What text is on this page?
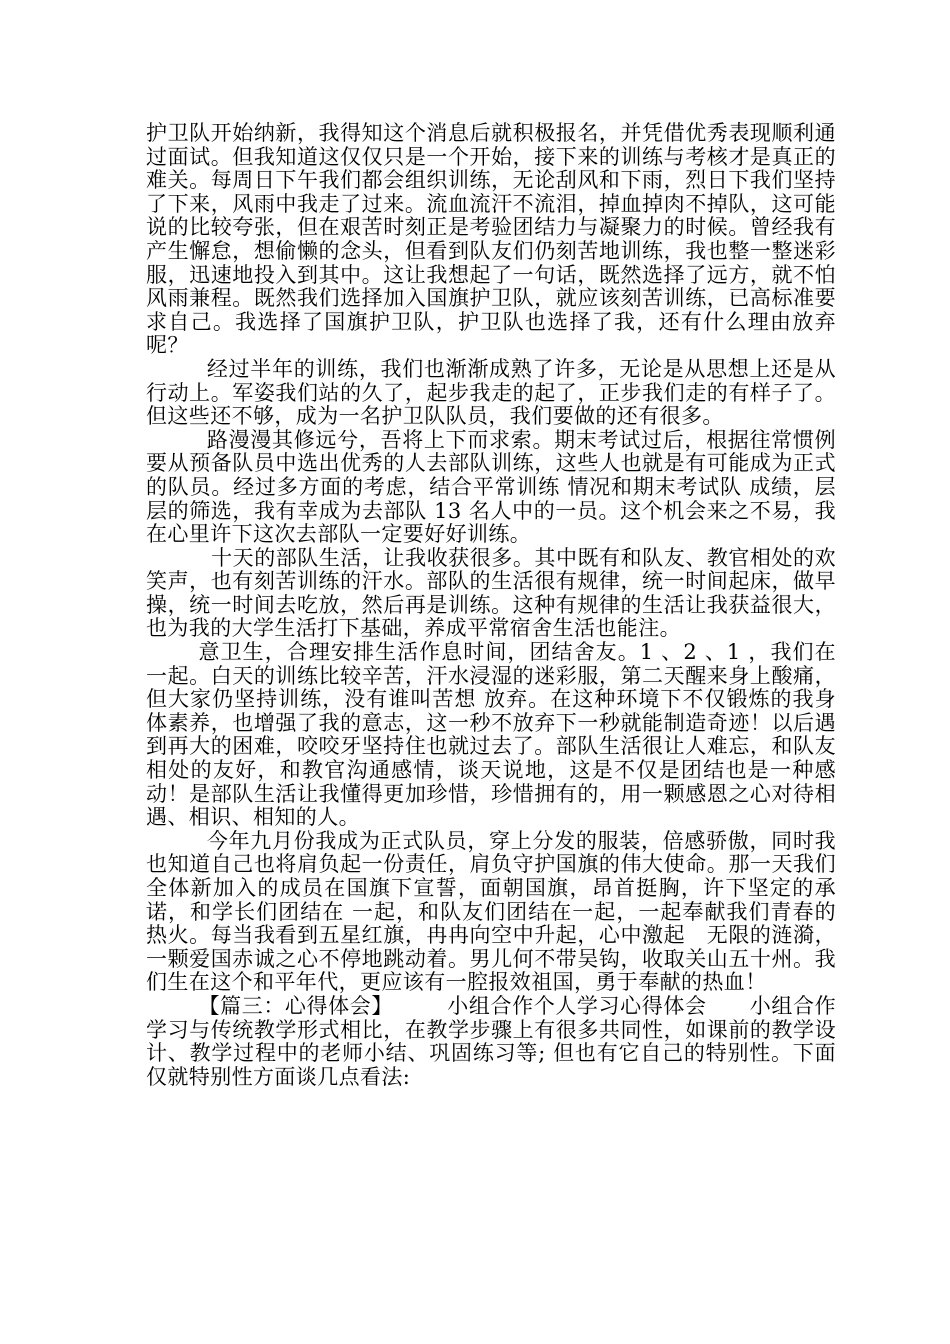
护卫队开始纳新，我得知这个消息后就积极报名，并凭借优秀表现顺利通过面试。但我知道这仅仅只是一个开始，接下来的训练与考核才是真正的难关。每周日下午我们都会组织训练，无论刮风和下雨，烈日下我们坚持了下来，风雨中我走了过来。流血流汗不流泪，掉血掉肉不掉队，这可能说的比较夸张，但在艰苦时刻正是考验团结力与凝聚力的时候。曾经我有产生懈怠，想偷懒的念头，但看到队友们仍刻苦地训练，我也整一整迷彩服，迅速地投入到其中。这让我想起了一句话，既然选择了远方，就不怕风雨兼程。既然我们选择加入国旗护卫队，就应该刻苦训练，已高标准要求自己。我选择了国旗护卫队，护卫队也选择了我，还有什么理由放弃呢？

经过半年的训练，我们也渐渐成熟了许多，无论是从思想上还是从行动上。军姿我们站的久了，起步我走的起了，正步我们走的有样子了。但这些还不够，成为一名护卫队队员，我们要做的还有很多。

路漫漫其修远兮，吾将上下而求索。期末考试过后，根据往常惯例要从预备队员中选出优秀的人去部队训练，这些人也就是有可能成为正式的队员。经过多方面的考虑，结合平常训练 情况和期末考试队 成绩，层层的筛选，我有幸成为去部队 13 名人中的一员。这个机会来之不易，我在心里许下这次去部队一定要好好训练。

十天的部队生活，让我收获很多。其中既有和队友、教官相处的欢笑声，也有刻苦训练的汗水。部队的生活很有规律，统一时间起床，做早操，统一时间去吃放，然后再是训练。这种有规律的生活让我获益很大，也为我的大学生活打下基础，养成平常宿舍生活也能注。

意卫生，合理安排生活作息时间，团结舍友。1 、2 、1 ，我们在一起。白天的训练比较辛苦，汗水浸湿的迷彩服，第二天醒来身上酸痛，但大家仍坚持训练，没有谁叫苦想 放弃。在这种环境下不仅锻炼的我身体素养，也增强了我的意志，这一秒不放弃下一秒就能制造奇迹！以后遇到再大的困难，咬咬牙坚持住也就过去了。部队生活很让人难忘，和队友相处的友好，和教官沟通感情，谈天说地，这是不仅是团结也是一种感动！是部队生活让我懂得更加珍惜，珍惜拥有的，用一颗感恩之心对待相遇、相识、相知的人。

今年九月份我成为正式队员，穿上分发的服装，倍感骄傲，同时我也知道自己也将肩负起一份责任，肩负守护国旗的伟大使命。那一天我们全体新加入的成员在国旗下宣誓，面朝国旗，昂首挺胸，许下坚定的承诺，和学长们团结在 一起，和队友们团结在一起，一起奉献我们青春的热火。每当我看到五星红旗，冉冉向空中升起，心中激起　无限的涟漪，一颗爱国赤诚之心不停地跳动着。男儿何不带吴钩，收取关山五十州。我们生在这个和平年代，更应该有一腔报效祖国，勇于奉献的热血！

【篇三：心得体会】　　　小组合作个人学习心得体会　　小组合作学习与传统教学形式相比，在教学步骤上有很多共同性，如课前的教学设计、教学过程中的老师小结、巩固练习等; 但也有它自己的特别性。下面仅就特别性方面谈几点看法:
